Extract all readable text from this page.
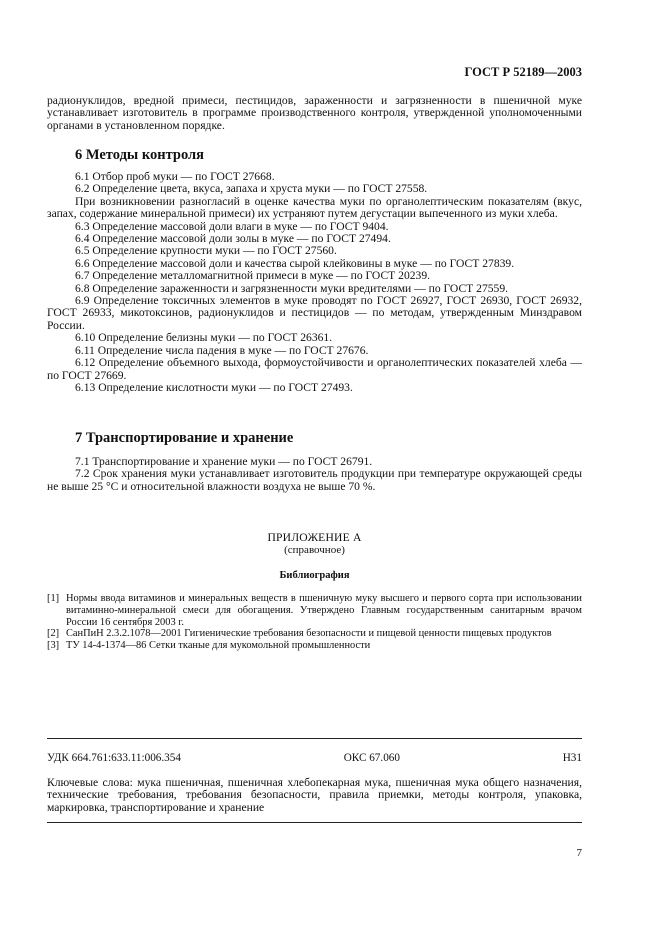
ГОСТ Р 52189—2003

радионуклидов, вредной примеси, пестицидов, зараженности и загрязненности в пшеничной муке устанавливает изготовитель в программе производственного контроля, утвержденной уполномоченными органами в установленном порядке.

6 Методы контроля

6.1 Отбор проб муки — по ГОСТ 27668.

6.2 Определение цвета, вкуса, запаха и хруста муки — по ГОСТ 27558.

При возникновении разногласий в оценке качества муки по органолептическим показателям (вкус, запах, содержание минеральной примеси) их устраняют путем дегустации выпеченного из муки хлеба.

6.3 Определение массовой доли влаги в муке — по ГОСТ 9404.

6.4 Определение массовой доли золы в муке — по ГОСТ 27494.

6.5 Определение крупности муки — по ГОСТ 27560.

6.6 Определение массовой доли и качества сырой клейковины в муке — по ГОСТ 27839.

6.7 Определение металломагнитной примеси в муке — по ГОСТ 20239.

6.8 Определение зараженности и загрязненности муки вредителями — по ГОСТ 27559.

6.9 Определение токсичных элементов в муке проводят по ГОСТ 26927, ГОСТ 26930, ГОСТ 26932, ГОСТ 26933, микотоксинов, радионуклидов и пестицидов — по методам, утвержденным Минздравом России.

6.10 Определение белизны муки — по ГОСТ 26361.

6.11 Определение числа падения в муке — по ГОСТ 27676.

6.12 Определение объемного выхода, формоустойчивости и органолептических показателей хлеба — по ГОСТ 27669.

6.13 Определение кислотности муки — по ГОСТ 27493.

7 Транспортирование и хранение

7.1 Транспортирование и хранение муки — по ГОСТ 26791.

7.2 Срок хранения муки устанавливает изготовитель продукции при температуре окружающей среды не выше 25 °С и относительной влажности воздуха не выше 70 %.

ПРИЛОЖЕНИЕ А
(справочное)
Библиография
[1] Нормы ввода витаминов и минеральных веществ в пшеничную муку высшего и первого сорта при использовании витаминно-минеральной смеси для обогащения. Утверждено Главным государственным санитарным врачом России 16 сентября 2003 г.
[2] СанПиН 2.3.2.1078—2001 Гигиенические требования безопасности и пищевой ценности пищевых продуктов
[3] ТУ 14-4-1374—86 Сетки тканые для мукомольной промышленности
УДК 664.761:633.11:006.354	ОКС 67.060	Н31

Ключевые слова: мука пшеничная, пшеничная хлебопекарная мука, пшеничная мука общего назначения, технические требования, требования безопасности, правила приемки, методы контроля, упаковка, маркировка, транспортирование и хранение

7
